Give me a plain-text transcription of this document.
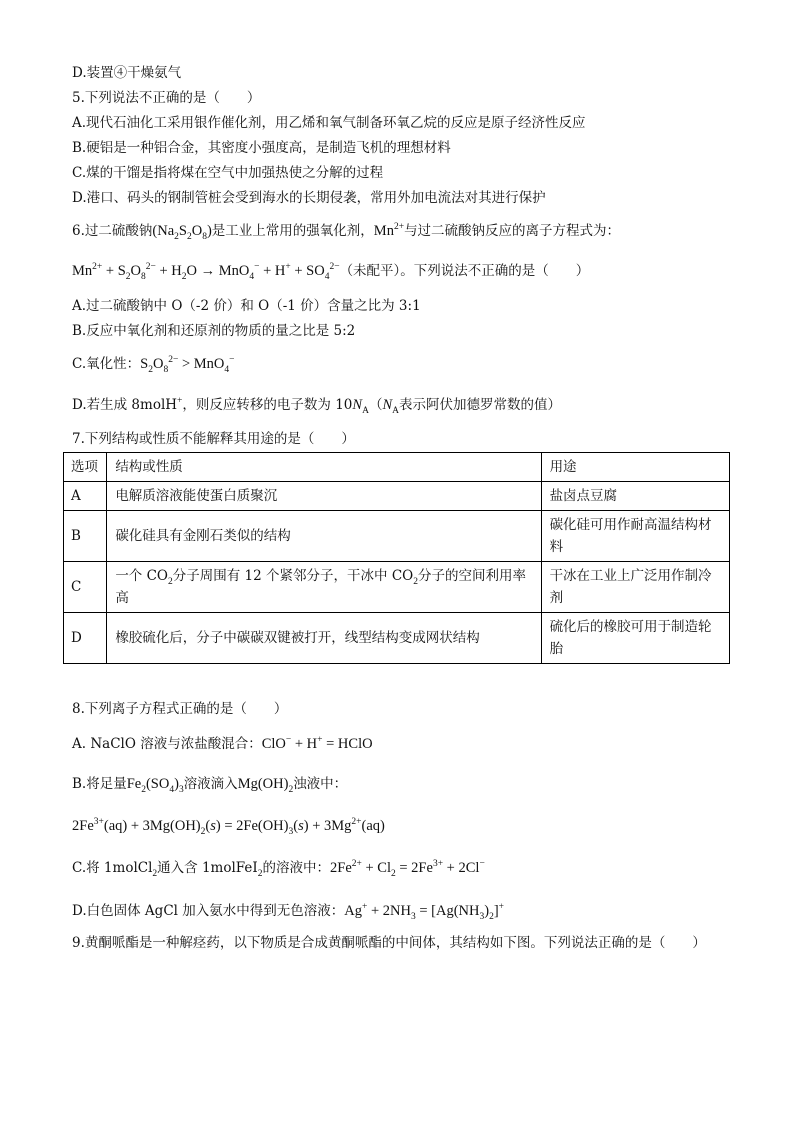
D.装置④干燥氨气
5.下列说法不正确的是（　　）
A.现代石油化工采用银作催化剂，用乙烯和氧气制备环氧乙烷的反应是原子经济性反应
B.硬铝是一种铝合金，其密度小强度高，是制造飞机的理想材料
C.煤的干馏是指将煤在空气中加强热使之分解的过程
D.港口、码头的钢制管桩会受到海水的长期侵袭，常用外加电流法对其进行保护
6.过二硫酸钠$(Na_2S_2O_8)$是工业上常用的强氧化剂，$Mn^{2+}$与过二硫酸钠反应的离子方程式为：
$Mn^{2+} + S_2O_8^{2-} + H_2O \to MnO_4^- + H^+ + SO_4^{2-}$（未配平）。下列说法不正确的是（　　）
A.过二硫酸钠中 O（-2 价）和 O（-1 价）含量之比为 3:1
B.反应中氧化剂和还原剂的物质的量之比是 5:2
C.氧化性：$S_2O_8^{2-} > MnO_4^-$
D.若生成 8molH+，则反应转移的电子数为 $10N_A(N_A$表示阿伏加德罗常数的值）
7.下列结构或性质不能解释其用途的是（　　）
选项	结构或性质	用途
A	电解质溶液能使蛋白质聚沉	盐卤点豆腐
B	碳化硅具有金刚石类似的结构	碳化硅可用作耐高温结构材料
C	一个 $CO_2$分子周围有 12 个紧邻分子，干冰中 $CO_2$分子的空间利用率高	干冰在工业上广泛用作制冷剂
D	橡胶硫化后，分子中碳碳双键被打开，线型结构变成网状结构	硫化后的橡胶可用于制造轮胎
8.下列离子方程式正确的是（　　）
A. NaClO 溶液与浓盐酸混合：ClO− + H+ = HClO
B.将足量$Fe_2(SO_4)_3$溶液滴入$Mg(OH)_2$浊液中：
$2Fe^{3+}(aq) + 3Mg(OH)_2(s) = 2Fe(OH)_3(s) + 3Mg^{2+}(aq)$
C.将 1molCl$_2$通入含 1molFeI$_2$的溶液中：$2Fe^{2+} + Cl_2 = 2Fe^{3+} + 2Cl^-$
D.白色固体 AgCl 加入氨水中得到无色溶液：$Ag^+ + 2NH_3 = [Ag(NH_3)_2]^+$
9.黄酮哌酯是一种解痉药，以下物质是合成黄酮哌酯的中间体，其结构如下图。下列说法正确的是（　　）
